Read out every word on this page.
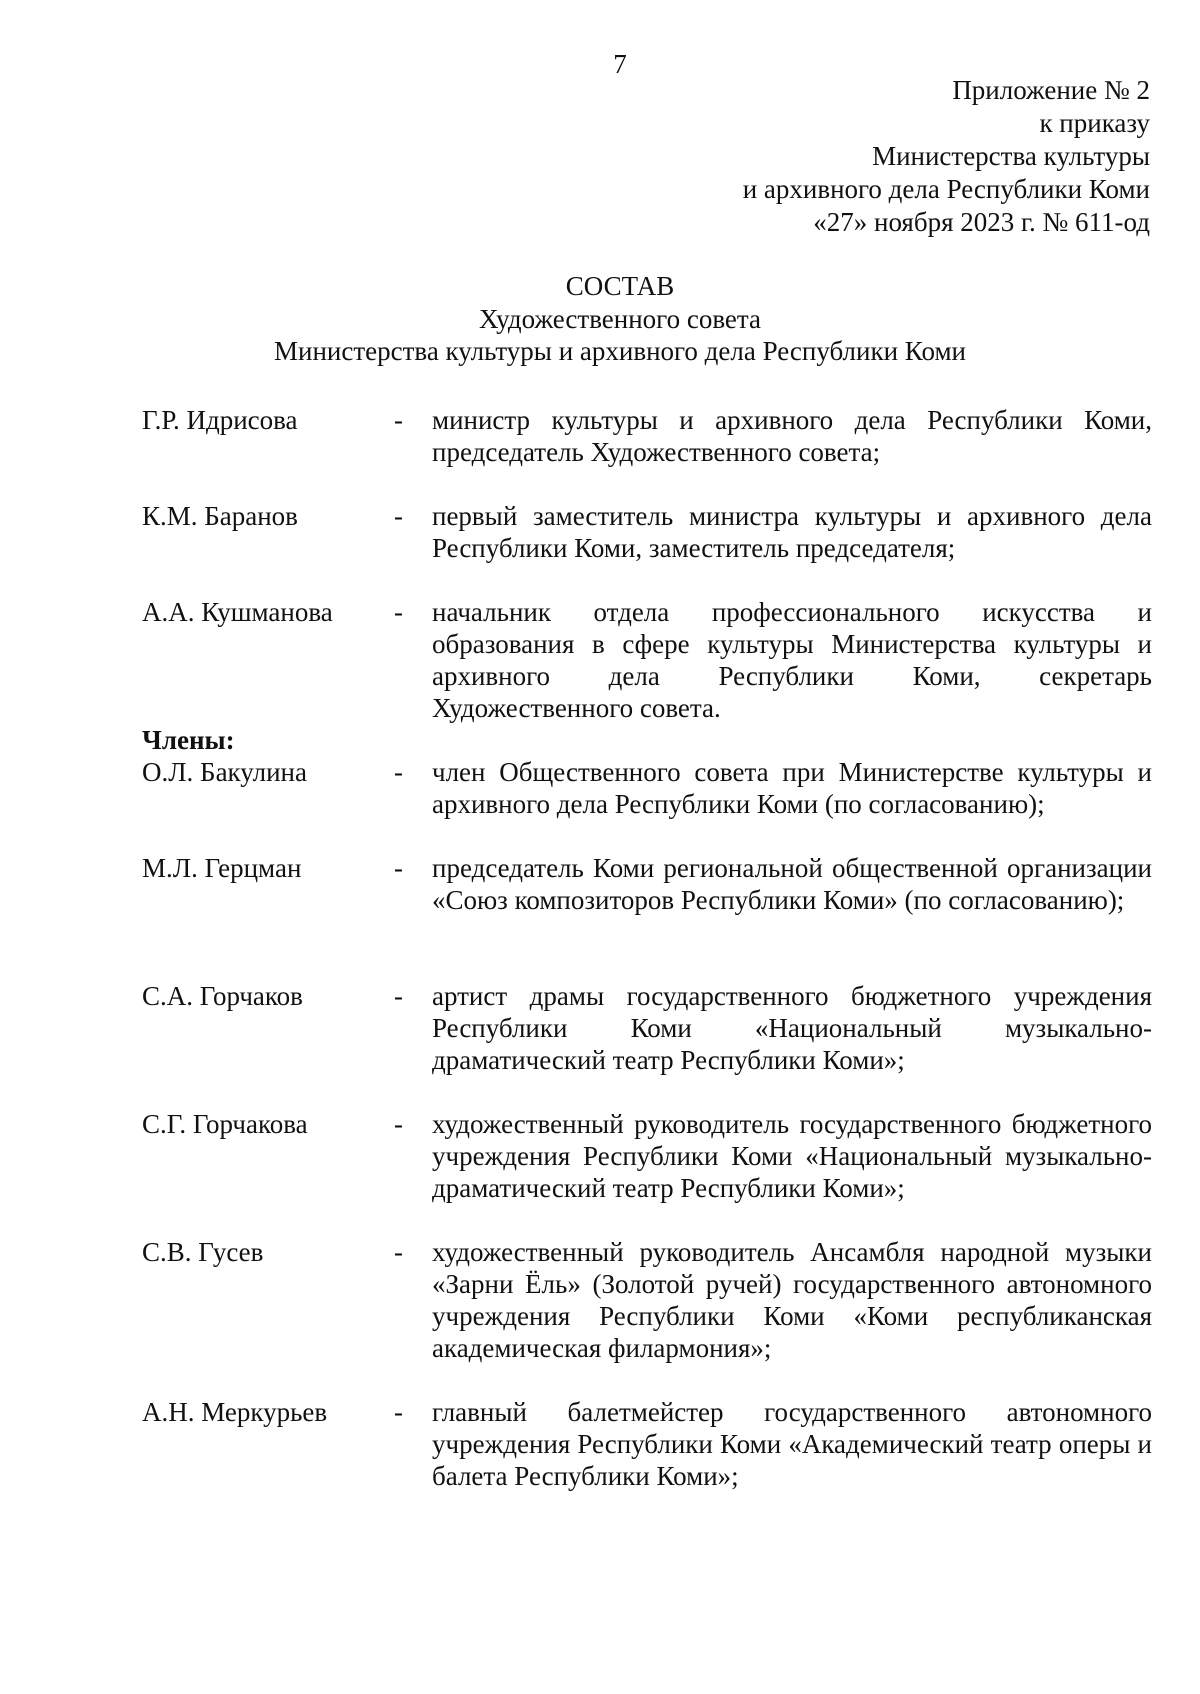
7
Приложение № 2
к приказу
Министерства культуры
и архивного дела Республики Коми
«27» ноября 2023 г. № 611-од
СОСТАВ
Художественного совета
Министерства культуры и архивного дела Республики Коми
Г.Р. Идрисова	- министр культуры и архивного дела Республики Коми, председатель Художественного совета;
К.М. Баранов	- первый заместитель министра культуры и архивного дела Республики Коми, заместитель председателя;
А.А. Кушманова - начальник отдела профессионального искусства и образования в сфере культуры Министерства культуры и архивного дела Республики Коми, секретарь Художественного совета.
Члены:
О.Л. Бакулина	- член Общественного совета при Министерстве культуры и архивного дела Республики Коми (по согласованию);
М.Л. Герцман	- председатель Коми региональной общественной организации «Союз композиторов Республики Коми» (по согласованию);
С.А. Горчаков	- артист драмы государственного бюджетного учреждения Республики Коми «Национальный музыкально-драматический театр Республики Коми»;
С.Г. Горчакова	- художественный руководитель государственного бюджетного учреждения Республики Коми «Национальный музыкально-драматический театр Республики Коми»;
С.В. Гусев	- художественный руководитель Ансамбля народной музыки «Зарни Ёль» (Золотой ручей) государственного автономного учреждения Республики Коми «Коми республиканская академическая филармония»;
А.Н. Меркурьев - главный балетмейстер государственного автономного учреждения Республики Коми «Академический театр оперы и балета Республики Коми»;
